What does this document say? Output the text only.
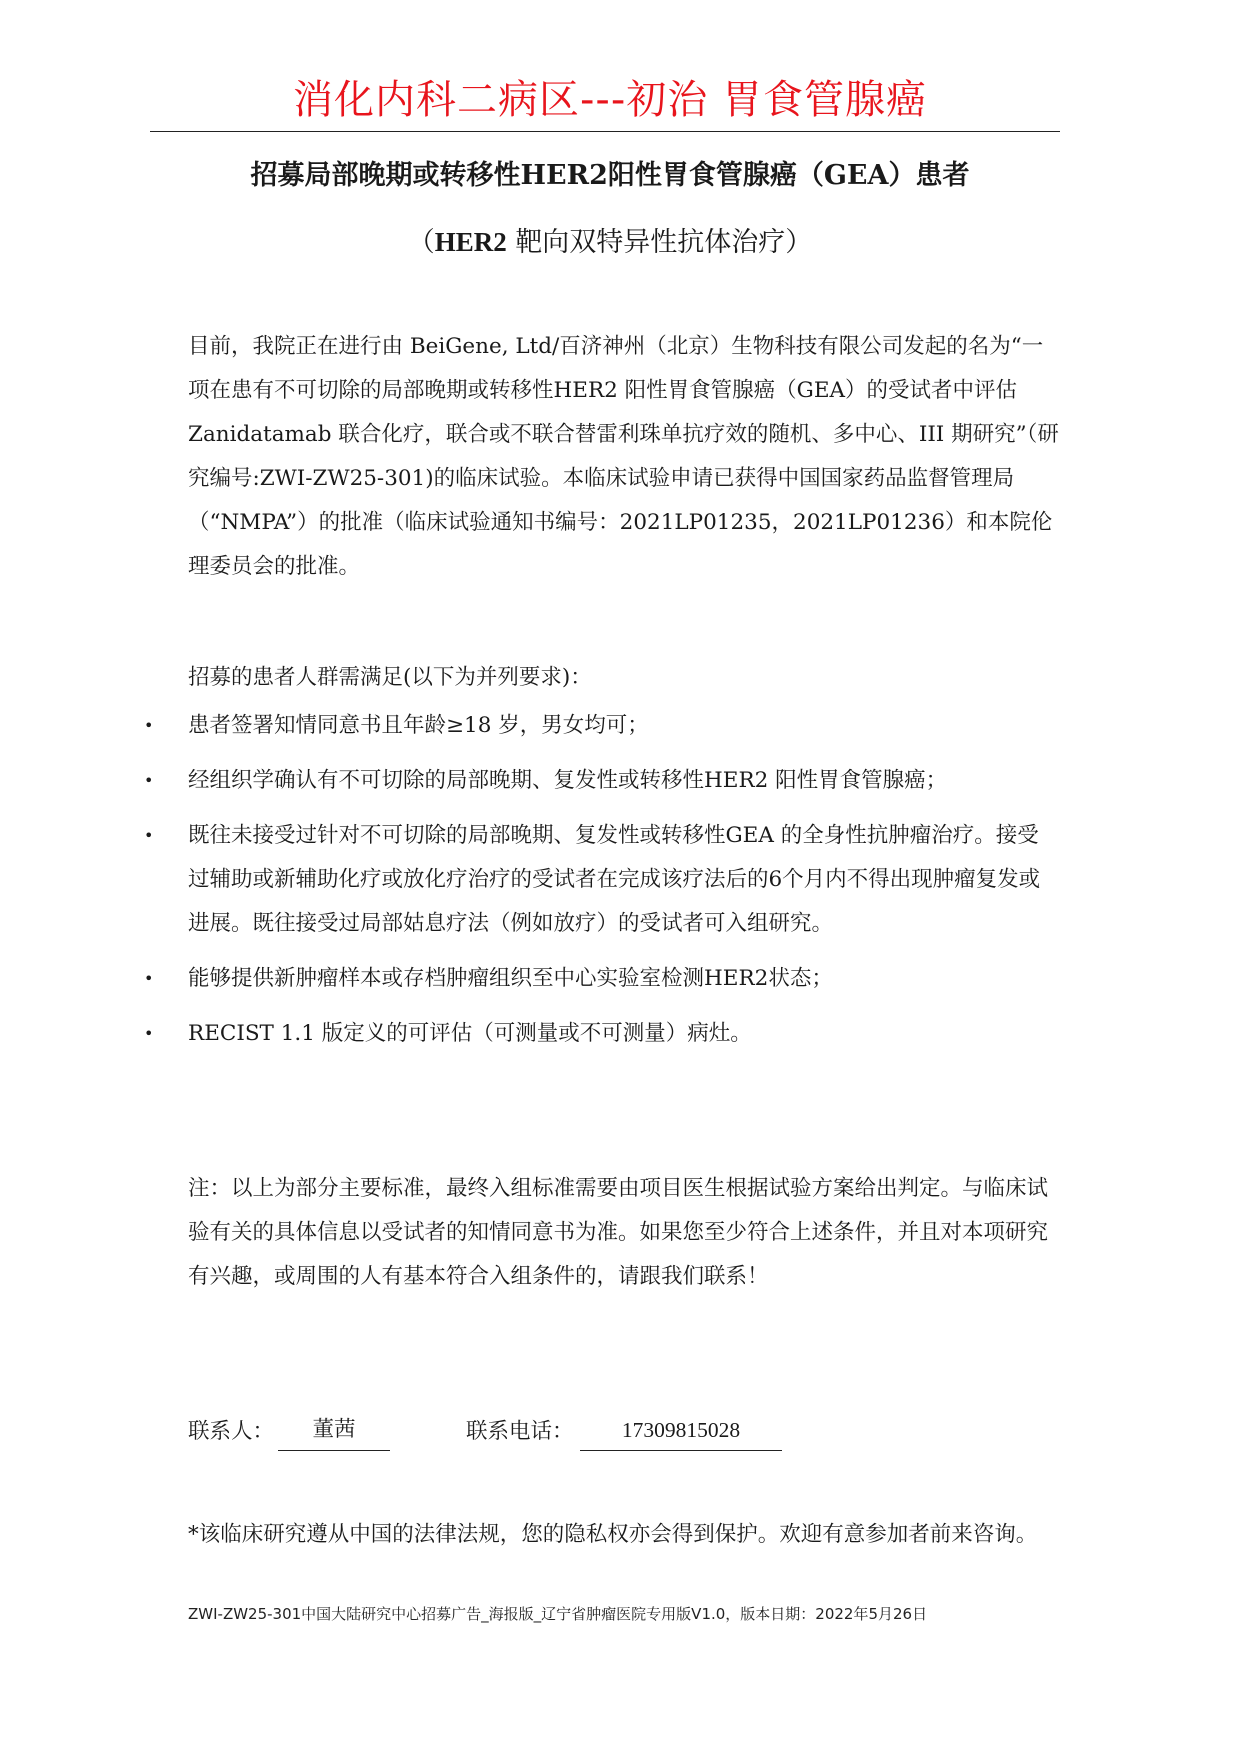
消化内科二病区---初治 胃食管腺癌
招募局部晚期或转移性HER2阳性胃食管腺癌（GEA）患者
（HER2 靶向双特异性抗体治疗）
目前，我院正在进行由 BeiGene, Ltd/百济神州（北京）生物科技有限公司发起的名为“一项在患有不可切除的局部晚期或转移性HER2 阳性胃食管腺癌（GEA）的受试者中评估Zanidatamab 联合化疗，联合或不联合替雷利珠单抗疗效的随机、多中心、III 期研究”（研究编号:ZWI-ZW25-301)的临床试验。本临床试验申请已获得中国国家药品监督管理局（“NMPA”）的批准（临床试验通知书编号：2021LP01235，2021LP01236）和本院伦理委员会的批准。
招募的患者人群需满足(以下为并列要求)：
• 患者签署知情同意书且年龄≥18 岁，男女均可；
• 经组织学确认有不可切除的局部晚期、复发性或转移性HER2 阳性胃食管腺癌；
• 既往未接受过针对不可切除的局部晚期、复发性或转移性GEA 的全身性抗肿瘤治疗。接受过辅助或新辅助化疗或放化疗治疗的受试者在完成该疗法后的6个月内不得出现肿瘤复发或进展。既往接受过局部姑息疗法（例如放疗）的受试者可入组研究。
• 能够提供新肿瘤样本或存档肿瘤组织至中心实验室检测HER2状态；
• RECIST 1.1 版定义的可评估（可测量或不可测量）病灶。
注：以上为部分主要标准，最终入组标准需要由项目医生根据试验方案给出判定。与临床试验有关的具体信息以受试者的知情同意书为准。如果您至少符合上述条件，并且对本项研究有兴趣，或周围的人有基本符合入组条件的，请跟我们联系！
联系人：	董茜	联系电话：	17309815028
*该临床研究遵从中国的法律法规，您的隐私权亦会得到保护。欢迎有意参加者前来咨询。
ZWI-ZW25-301中国大陆研究中心招募广告_海报版_辽宁省肿瘤医院专用版V1.0，版本日期：2022年5月26日
